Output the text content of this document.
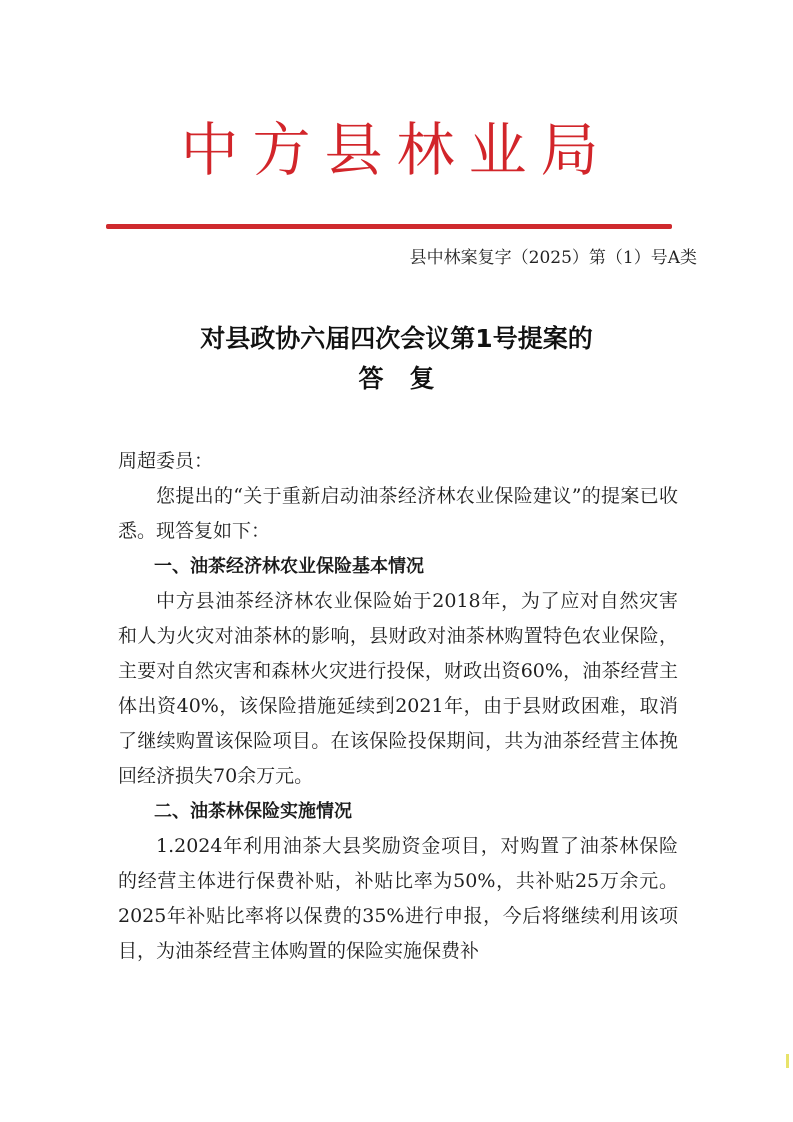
中方县林业局
县中林案复字（2025）第（1）号A类
对县政协六届四次会议第1号提案的
答复

周超委员：

您提出的“关于重新启动油茶经济林农业保险建议”的提案已收悉。现答复如下：

一、油茶经济林农业保险基本情况

中方县油茶经济林农业保险始于2018年，为了应对自然灾害和人为火灾对油茶林的影响，县财政对油茶林购置特色农业保险，主要对自然灾害和森林火灾进行投保，财政出资60%，油茶经营主体出资40%，该保险措施延续到2021年，由于县财政困难，取消了继续购置该保险项目。在该保险投保期间，共为油茶经营主体挽回经济损失70余万元。

二、油茶林保险实施情况

1.2024年利用油茶大县奖励资金项目，对购置了油茶林保险的经营主体进行保费补贴，补贴比率为50%，共补贴25万余元。2025年补贴比率将以保费的35%进行申报，今后将继续利用该项目，为油茶经营主体购置的保险实施保费补
